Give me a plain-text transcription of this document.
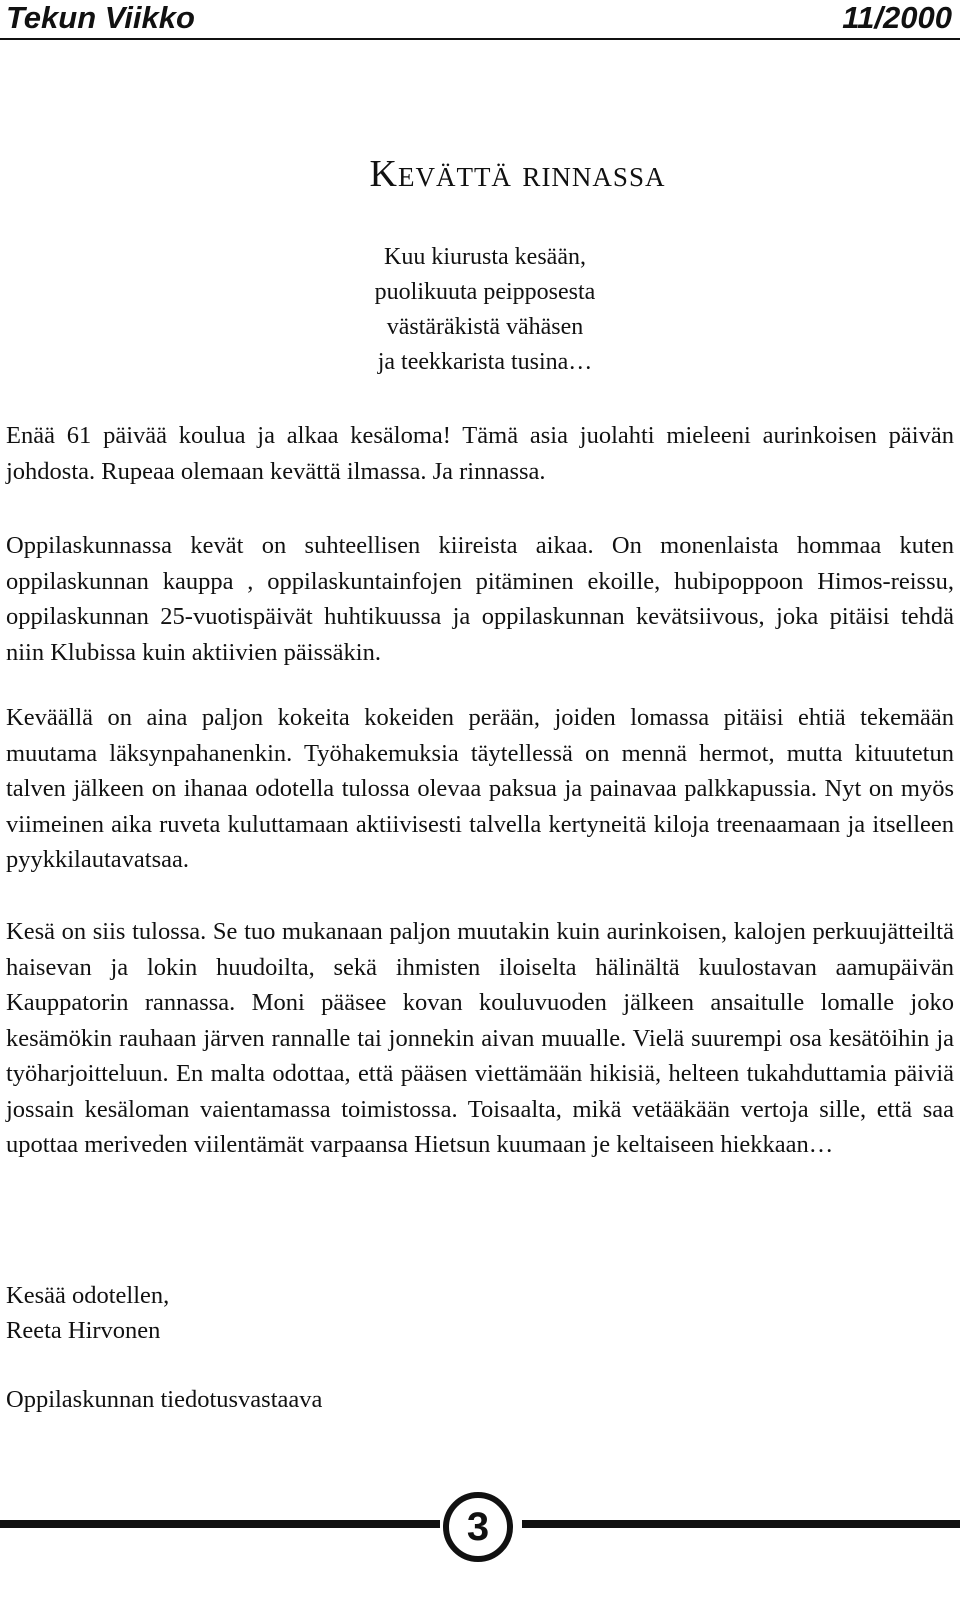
Tekun Viikko	11/2000
Kevättä rinnassa
Kuu kiurusta kesään,
puolikuuta peipposesta
västäräkistä vähäsen
ja teekkarista tusina…

Enää 61 päivää koulua ja alkaa kesäloma! Tämä asia juolahti mieleeni aurinkoisen päivän johdosta. Rupeaa olemaan kevättä ilmassa. Ja rinnassa.

Oppilaskunnassa kevät on suhteellisen kiireista aikaa. On monenlaista hommaa kuten oppilaskunnan kauppa , oppilaskuntainfojen pitäminen ekoille, hubipoppoon Himos-reissu, oppilaskunnan 25-vuotispäivät huhtikuussa ja oppilaskunnan kevätsiivous, joka pitäisi tehdä niin Klubissa kuin aktiivien päissäkin.

Keväällä on aina paljon kokeita kokeiden perään, joiden lomassa pitäisi ehtiä tekemään muutama läksynpahanenkin. Työhakemuksia täytellessä on mennä hermot, mutta kituutetun talven jälkeen on ihanaa odotella tulossa olevaa paksua ja painavaa palkkapussia. Nyt on myös viimeinen aika ruveta kuluttamaan aktiivisesti talvella kertyneitä kiloja treenaamaan ja itselleen pyykkilautavatsaa.

Kesä on siis tulossa. Se tuo mukanaan paljon muutakin kuin aurinkoisen, kalojen perkuujätteiltä haisevan ja lokin huudoilta, sekä ihmisten iloiselta hälinältä kuulostavan aamupäivän Kauppatorin rannassa. Moni pääsee kovan kouluvuoden jälkeen ansaitulle lomalle joko kesämökin rauhaan järven rannalle tai jonnekin aivan muualle. Vielä suurempi osa kesätöihin ja työharjoitteluun. En malta odottaa, että pääsen viettämään hikisiä, helteen tukahduttamia päiviä jossain kesäloman vaientamassa toimistossa. Toisaalta, mikä vetääkään vertoja sille, että saa upottaa meriveden viilentämät varpaansa Hietsun kuumaan je keltaiseen hiekkaan…

Kesää odotellen,

Reeta Hirvonen

Oppilaskunnan tiedotusvastaava

3
